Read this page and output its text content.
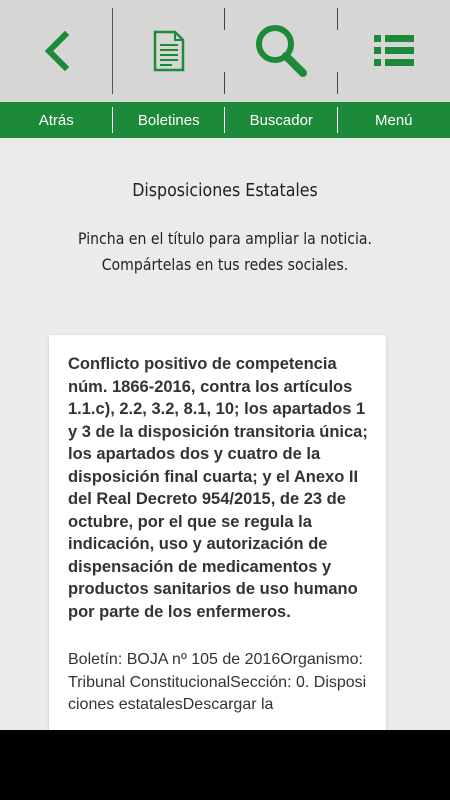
Atrás	Boletines	Buscador	Menú
Disposiciones Estatales
Pincha en el título para ampliar la noticia.
Compártelas en tus redes sociales.
Conflicto positivo de competencia núm. 1866-2016, contra los artículos 1.1.c), 2.2, 3.2, 8.1, 10; los apartados 1 y 3 de la disposición transitoria única; los apartados dos y cuatro de la disposición final cuarta; y el Anexo II del Real Decreto 954/2015, de 23 de octubre, por el que se regula la indicación, uso y autorización de dispensación de medicamentos y productos sanitarios de uso humano por parte de los enfermeros.
Boletín: BOJA nº 105 de 2016Organismo: Tribunal ConstitucionalSección: 0. Disposiciones estatalesDescargar la
